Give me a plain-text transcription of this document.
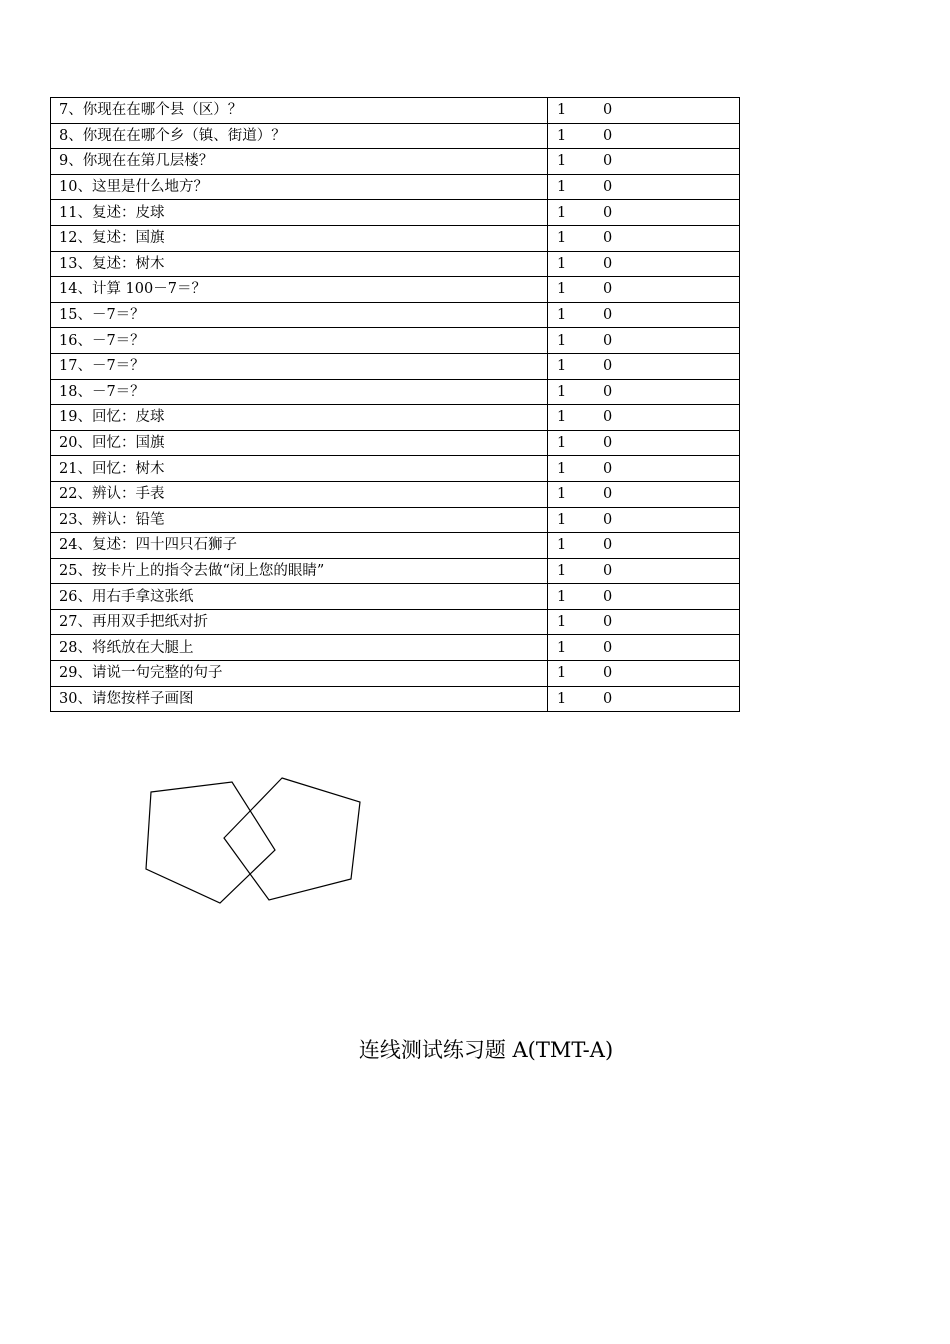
7、你现在在哪个县（区）？	1 0
8、你现在在哪个乡（镇、街道）？	1 0
9、你现在在第几层楼？	1 0
10、这里是什么地方？	1 0
11、复述：皮球	1 0
12、复述：国旗	1 0
13、复述：树木	1 0
14、计算 100－7＝？	1 0
15、－7＝？	1 0
16、－7＝？	1 0
17、－7＝？	1 0
18、－7＝？	1 0
19、回忆：皮球	1 0
20、回忆：国旗	1 0
21、回忆：树木	1 0
22、辨认：手表	1 0
23、辨认：铅笔	1 0
24、复述：四十四只石狮子	1 0
25、按卡片上的指令去做“闭上您的眼睛”	1 0
26、用右手拿这张纸	1 0
27、再用双手把纸对折	1 0
28、将纸放在大腿上	1 0
29、请说一句完整的句子	1 0
30、请您按样子画图	1 0
连线测试练习题 A(TMT-A)
